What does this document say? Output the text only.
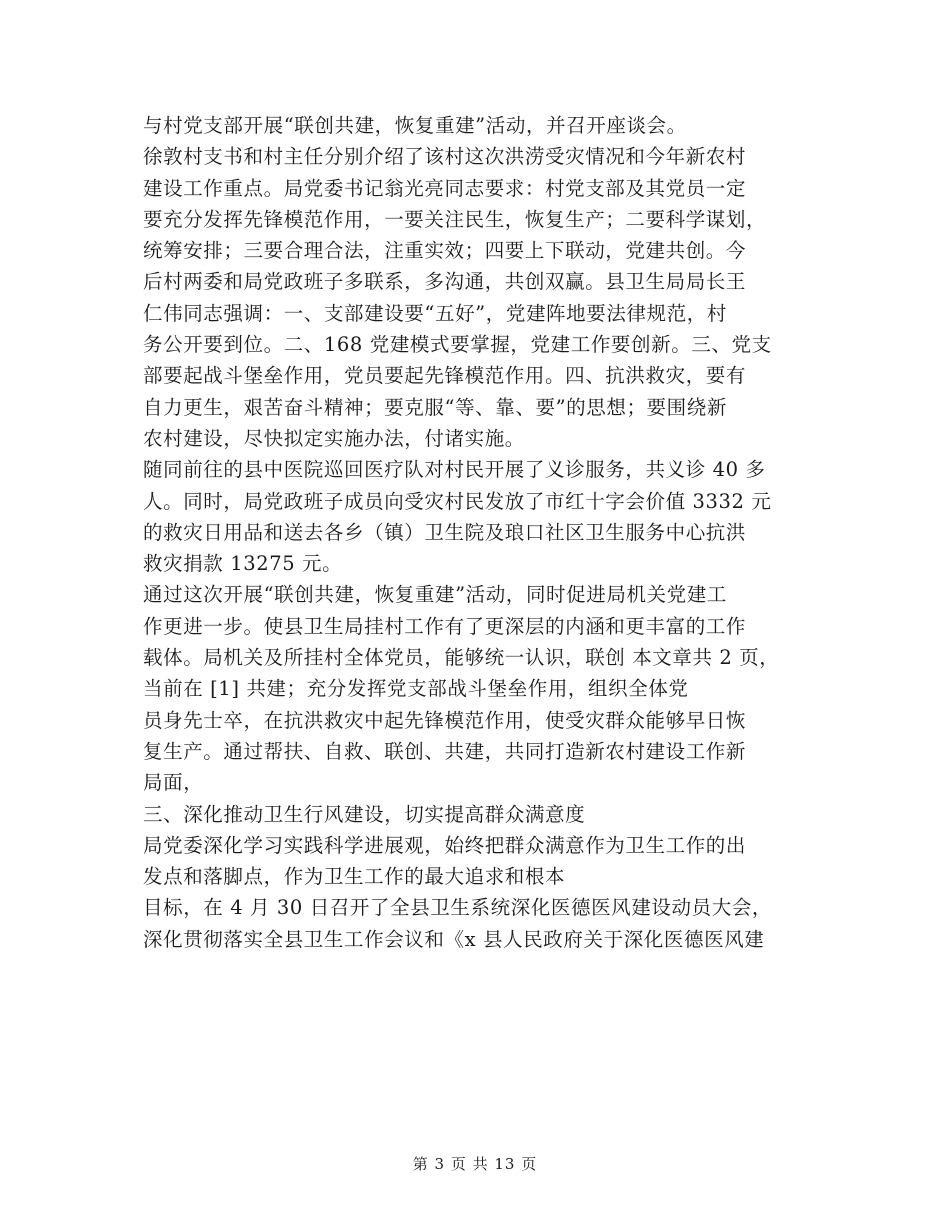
与村党支部开展“联创共建，恢复重建”活动，并召开座谈会。
徐敦村支书和村主任分别介绍了该村这次洪涝受灾情况和今年新农村
建设工作重点。局党委书记翁光亮同志要求：村党支部及其党员一定
要充分发挥先锋模范作用，一要关注民生，恢复生产；二要科学谋划，
统筹安排；三要合理合法，注重实效；四要上下联动，党建共创。今
后村两委和局党政班子多联系，多沟通，共创双赢。县卫生局局长王
仁伟同志强调：一、支部建设要“五好”，党建阵地要法律规范，村
务公开要到位。二、168 党建模式要掌握，党建工作要创新。三、党支
部要起战斗堡垒作用，党员要起先锋模范作用。四、抗洪救灾，要有
自力更生，艰苦奋斗精神；要克服“等、靠、要”的思想；要围绕新
农村建设，尽快拟定实施办法，付诸实施。
随同前往的县中医院巡回医疗队对村民开展了义诊服务，共义诊 40 多
人。同时，局党政班子成员向受灾村民发放了市红十字会价值 3332 元
的救灾日用品和送去各乡（镇）卫生院及琅口社区卫生服务中心抗洪
救灾捐款 13275 元。
通过这次开展“联创共建，恢复重建”活动，同时促进局机关党建工
作更进一步。使县卫生局挂村工作有了更深层的内涵和更丰富的工作
载体。局机关及所挂村全体党员，能够统一认识，联创 本文章共 2 页，
当前在 [1] 共建；充分发挥党支部战斗堡垒作用，组织全体党
员身先士卒，在抗洪救灾中起先锋模范作用，使受灾群众能够早日恢
复生产。通过帮扶、自救、联创、共建，共同打造新农村建设工作新
局面，
三、深化推动卫生行风建设，切实提高群众满意度
局党委深化学习实践科学进展观，始终把群众满意作为卫生工作的出
发点和落脚点，作为卫生工作的最大追求和根本
目标，在 4 月 30 日召开了全县卫生系统深化医德医风建设动员大会，
深化贯彻落实全县卫生工作会议和《x 县人民政府关于深化医德医风建
第 3 页 共 13 页
